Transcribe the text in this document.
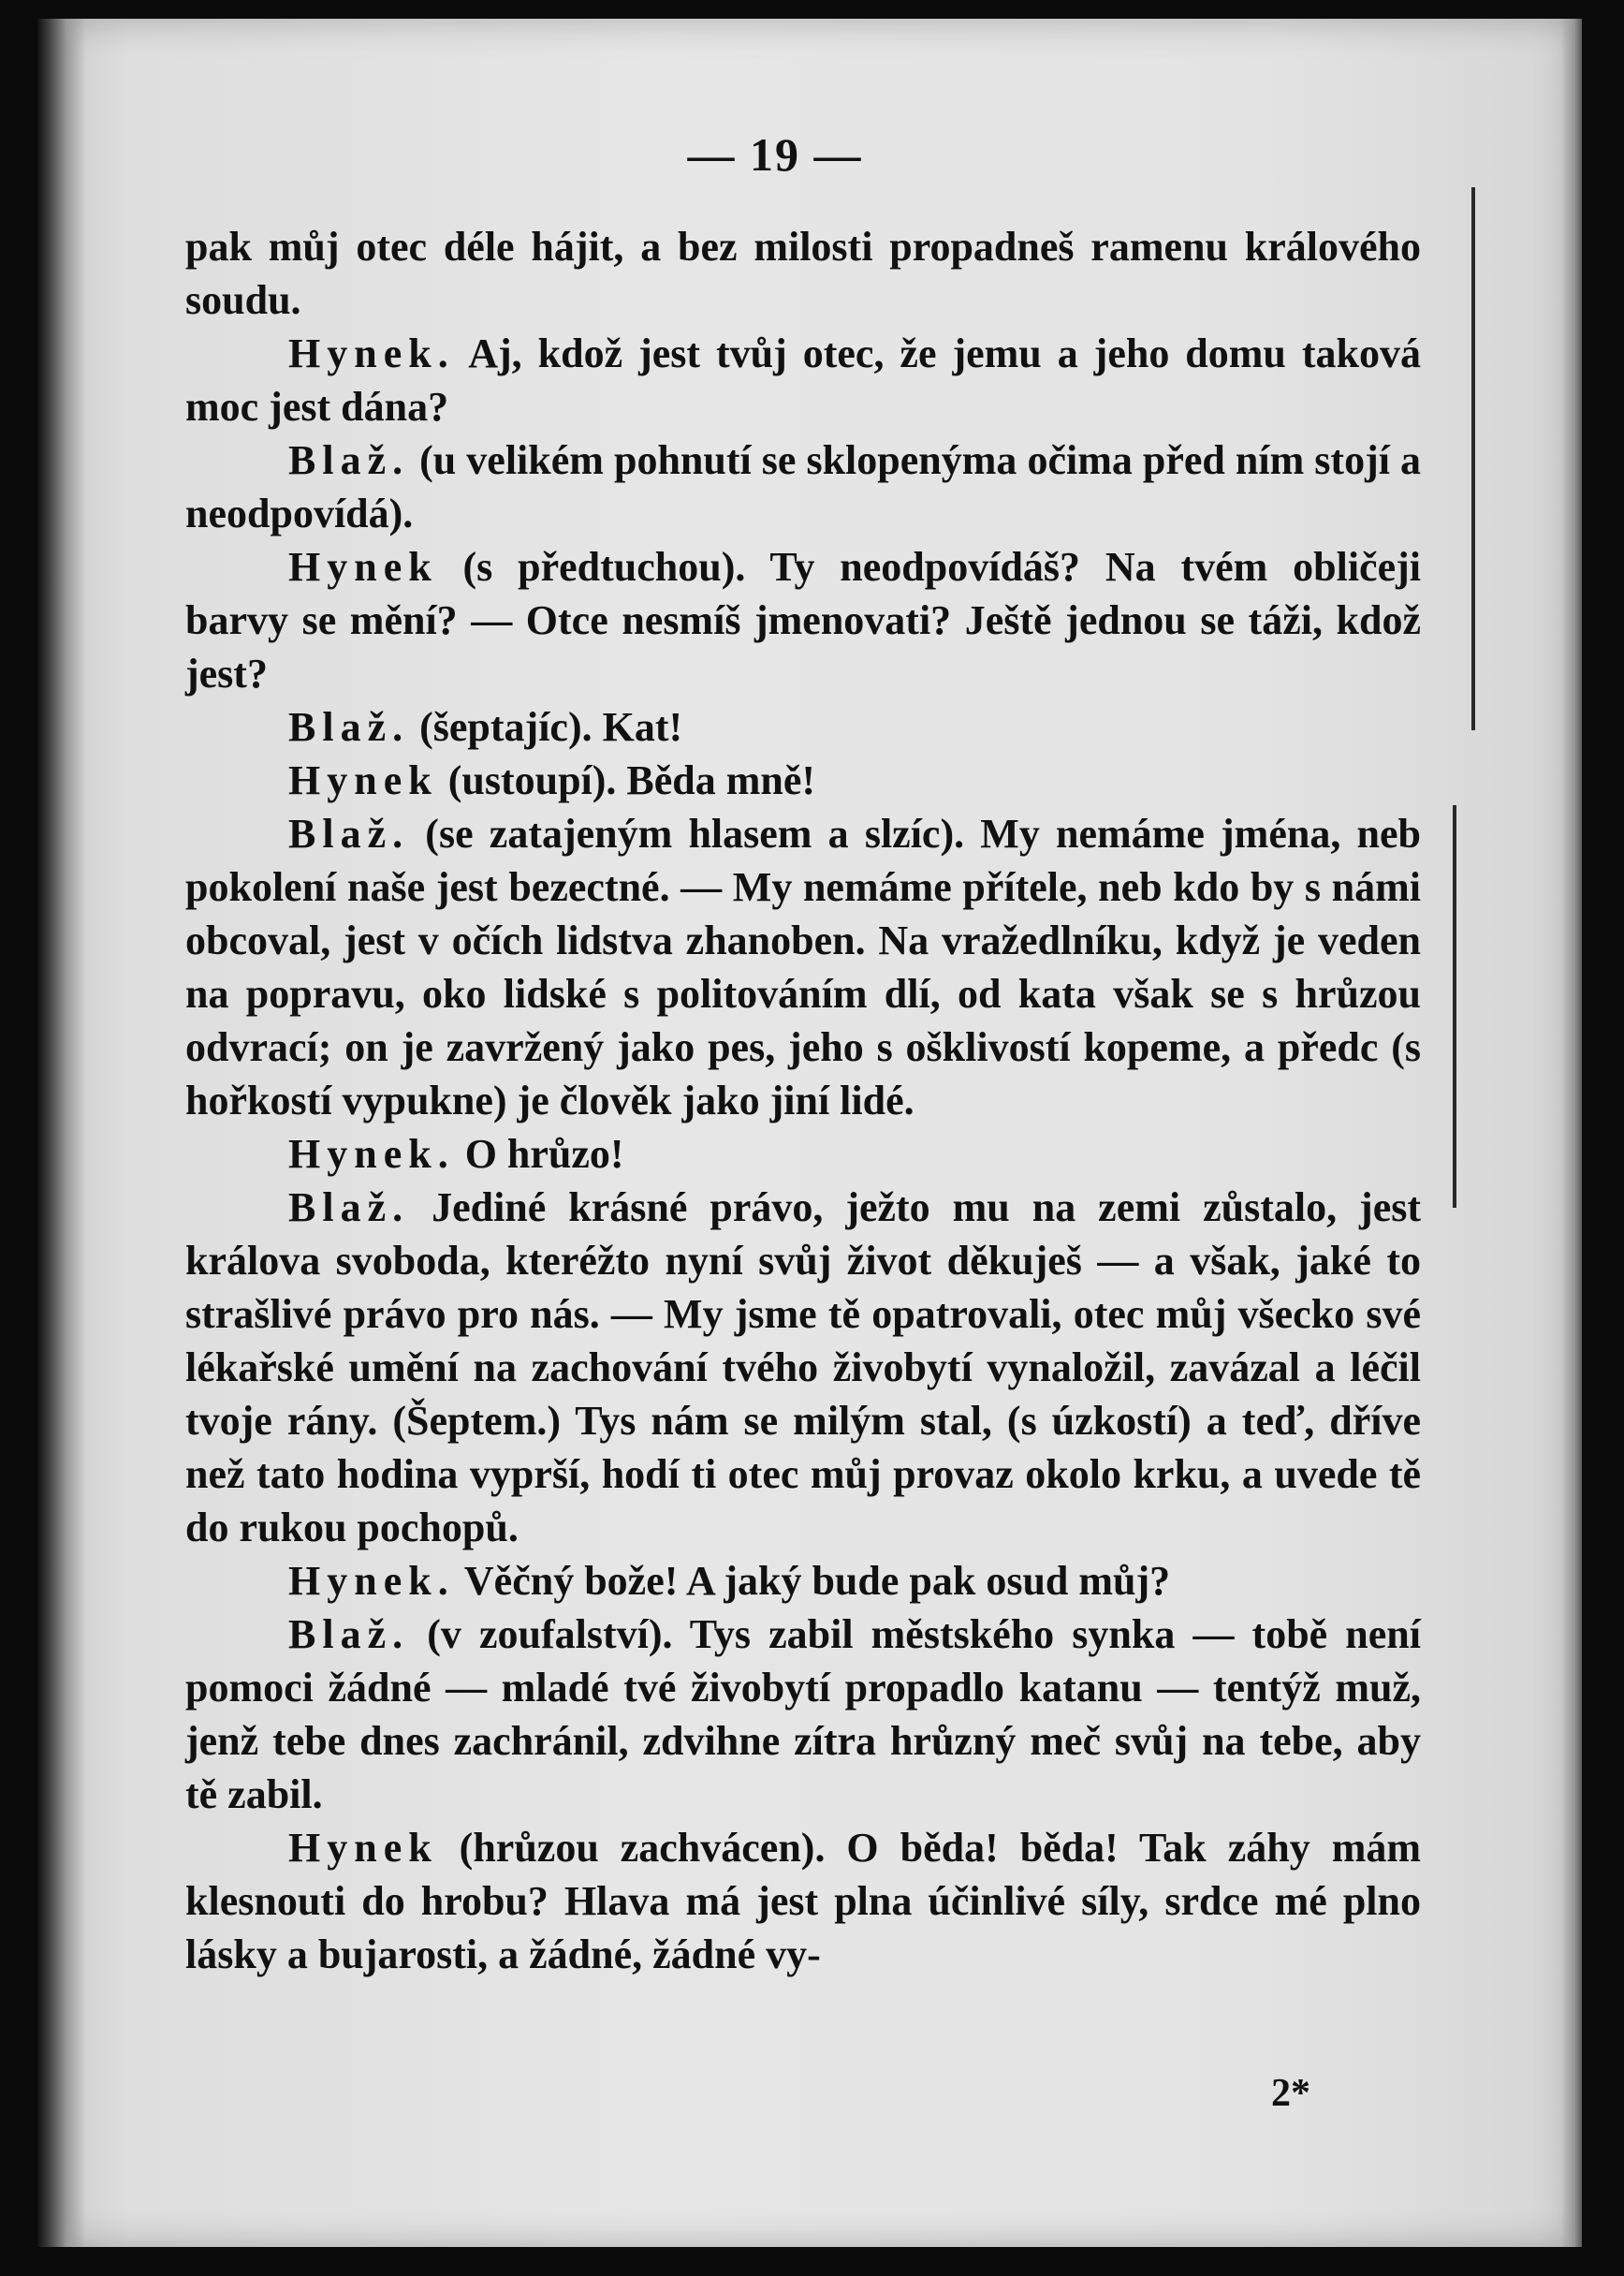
— 19 —

pak můj otec déle hájit, a bez milosti propadneš ramenu králového soudu.

Hynek. Aj, kdož jest tvůj otec, že jemu a jeho domu taková moc jest dána?

Blaž. (u velikém pohnutí se sklopenýma očima před ním stojí a neodpovídá).

Hynek (s předtuchou). Ty neodpovídáš? Na tvém obličeji barvy se mění? — Otce nesmíš jmenovati? Ještě jednou se táži, kdož jest?

Blaž. (šeptajíc). Kat!

Hynek (ustoupí). Běda mně!

Blaž. (se zatajeným hlasem a slzíc). My nemáme jména, neb pokolení naše jest bezectné. — My nemáme přítele, neb kdo by s námi obcoval, jest v očích lidstva zhanoben. Na vražedlníku, když je veden na popravu, oko lidské s politováním dlí, od kata však se s hrůzou odvrací; on je zavržený jako pes, jeho s ošklivostí kopeme, a předc (s hořkostí vypukne) je člověk jako jiní lidé.

Hynek. O hrůzo!

Blaž. Jediné krásné právo, ježto mu na zemi zůstalo, jest králova svoboda, kteréžto nyní svůj život děkuješ — a však, jaké to strašlivé právo pro nás. — My jsme tě opatrovali, otec můj všecko své lékařské umění na zachování tvého živobytí vynaložil, zavázal a léčil tvoje rány. (Šeptem.) Tys nám se milým stal, (s úzkostí) a teď, dříve než tato hodina vyprší, hodí ti otec můj provaz okolo krku, a uvede tě do rukou pochopů.

Hynek. Věčný bože! A jaký bude pak osud můj?

Blaž. (v zoufalství). Tys zabil městského synka — tobě není pomoci žádné — mladé tvé živobytí propadlo katanu — tentýž muž, jenž tebe dnes zachránil, zdvihne zítra hrůzný meč svůj na tebe, aby tě zabil.

Hynek (hrůzou zachvácen). O běda! běda! Tak záhy mám klesnouti do hrobu? Hlava má jest plna účinlivé síly, srdce mé plno lásky a bujarosti, a žádné, žádné vy-

2*
